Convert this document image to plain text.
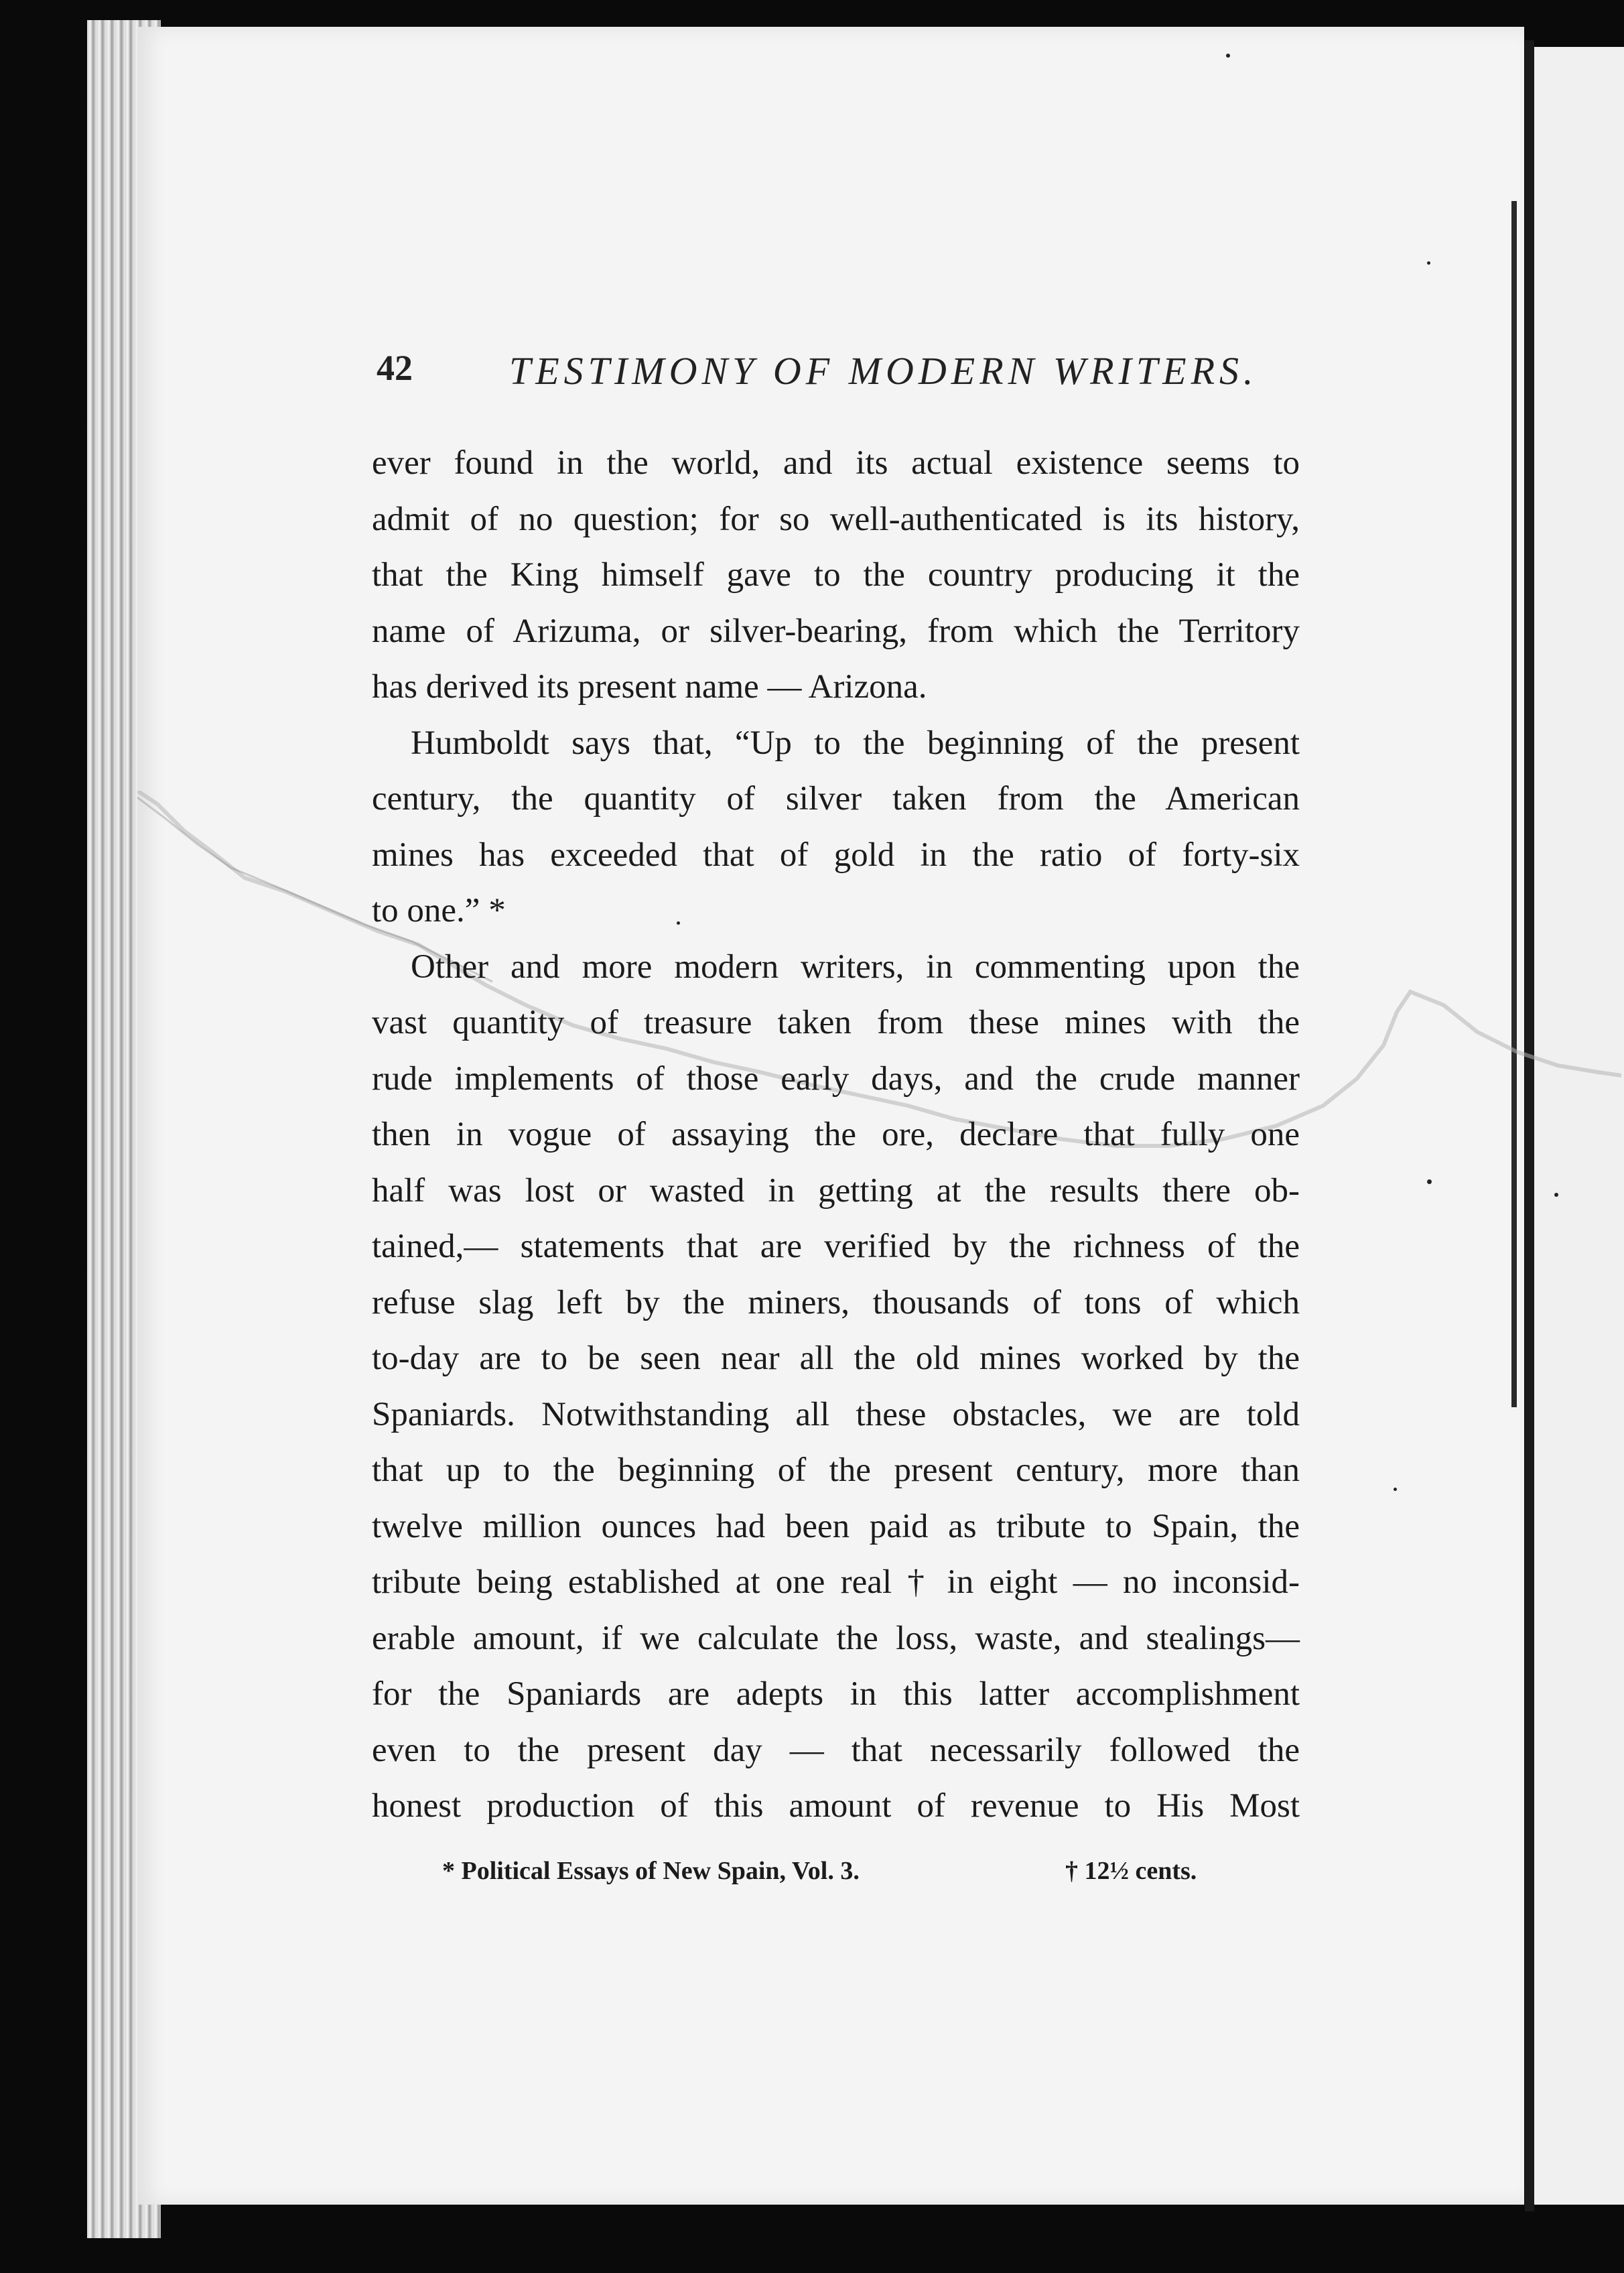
42 TESTIMONY OF MODERN WRITERS.
ever found in the world, and its actual existence seems to
admit of no question; for so well-authenticated is its history,
that the King himself gave to the country producing it the
name of Arizuma, or silver-bearing, from which the Territory
has derived its present name — Arizona.
Humboldt says that, “Up to the beginning of the present
century, the quantity of silver taken from the American
mines has exceeded that of gold in the ratio of forty-six
to one.” *
Other and more modern writers, in commenting upon the
vast quantity of treasure taken from these mines with the
rude implements of those early days, and the crude manner
then in vogue of assaying the ore, declare that fully one
half was lost or wasted in getting at the results there ob-
tained,— statements that are verified by the richness of the
refuse slag left by the miners, thousands of tons of which
to-day are to be seen near all the old mines worked by the
Spaniards. Notwithstanding all these obstacles, we are told
that up to the beginning of the present century, more than
twelve million ounces had been paid as tribute to Spain, the
tribute being established at one real † in eight — no inconsid-
erable amount, if we calculate the loss, waste, and stealings—
for the Spaniards are adepts in this latter accomplishment
even to the present day — that necessarily followed the
honest production of this amount of revenue to His Most
* Political Essays of New Spain, Vol. 3.	† 12½ cents.
